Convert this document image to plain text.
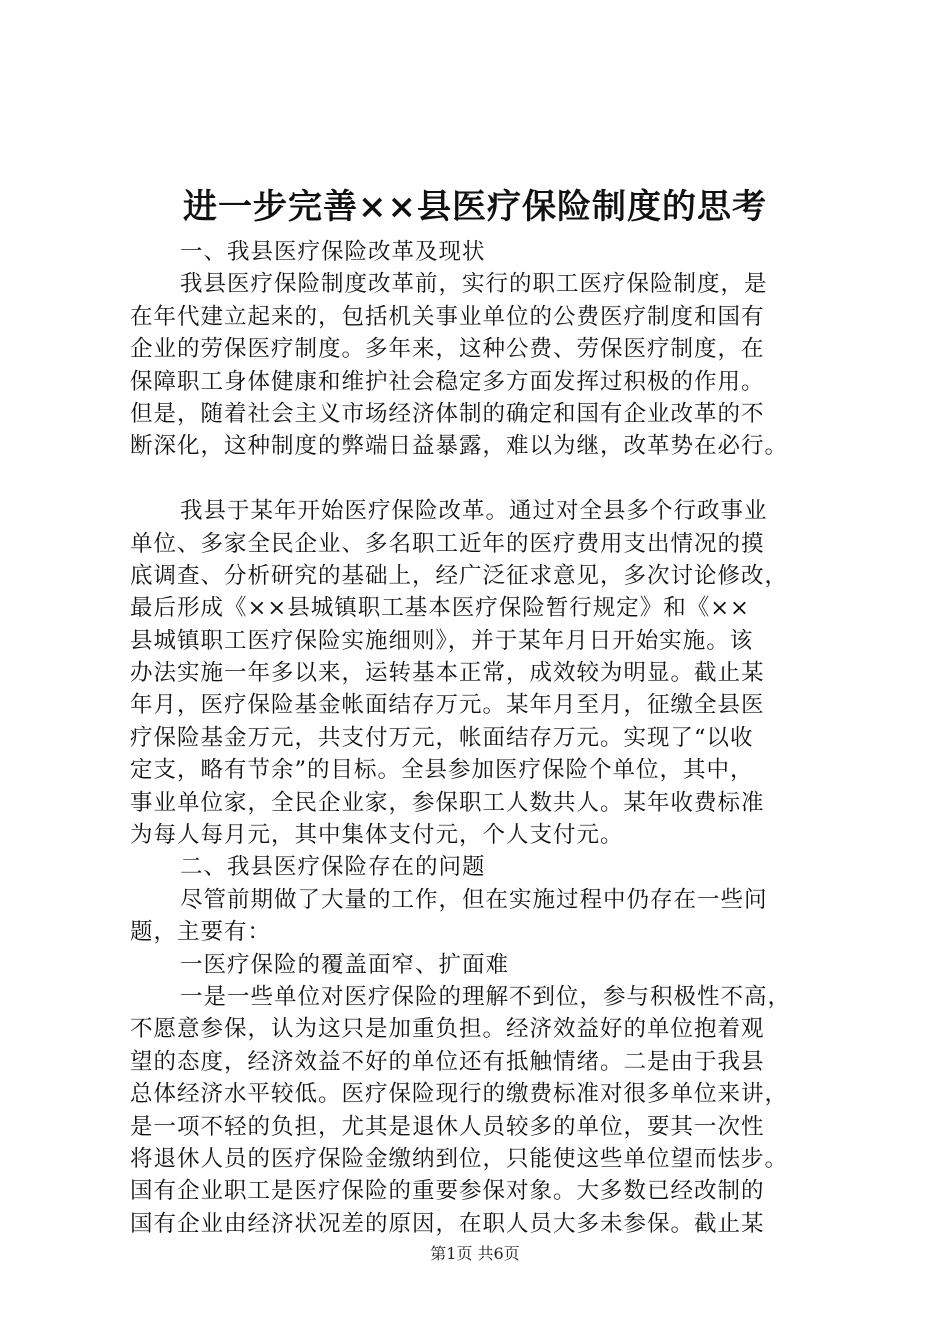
进一步完善××县医疗保险制度的思考
一、我县医疗保险改革及现状
我县医疗保险制度改革前，实行的职工医疗保险制度，是
在年代建立起来的，包括机关事业单位的公费医疗制度和国有
企业的劳保医疗制度。多年来，这种公费、劳保医疗制度，在
保障职工身体健康和维护社会稳定多方面发挥过积极的作用。
但是，随着社会主义市场经济体制的确定和国有企业改革的不
断深化，这种制度的弊端日益暴露，难以为继，改革势在必行。
我县于某年开始医疗保险改革。通过对全县多个行政事业
单位、多家全民企业、多名职工近年的医疗费用支出情况的摸
底调查、分析研究的基础上，经广泛征求意见，多次讨论修改，
最后形成《××县城镇职工基本医疗保险暂行规定》和《××
县城镇职工医疗保险实施细则》，并于某年月日开始实施。该
办法实施一年多以来，运转基本正常，成效较为明显。截止某
年月，医疗保险基金帐面结存万元。某年月至月，征缴全县医
疗保险基金万元，共支付万元，帐面结存万元。实现了“以收
定支，略有节余”的目标。全县参加医疗保险个单位，其中，
事业单位家，全民企业家，参保职工人数共人。某年收费标准
为每人每月元，其中集体支付元，个人支付元。
二、我县医疗保险存在的问题
尽管前期做了大量的工作，但在实施过程中仍存在一些问
题，主要有：
一医疗保险的覆盖面窄、扩面难
一是一些单位对医疗保险的理解不到位，参与积极性不高，
不愿意参保，认为这只是加重负担。经济效益好的单位抱着观
望的态度，经济效益不好的单位还有抵触情绪。二是由于我县
总体经济水平较低。医疗保险现行的缴费标准对很多单位来讲，
是一项不轻的负担，尤其是退休人员较多的单位，要其一次性
将退休人员的医疗保险金缴纳到位，只能使这些单位望而怯步。
国有企业职工是医疗保险的重要参保对象。大多数已经改制的
国有企业由经济状况差的原因，在职人员大多未参保。截止某
第1页 共6页
